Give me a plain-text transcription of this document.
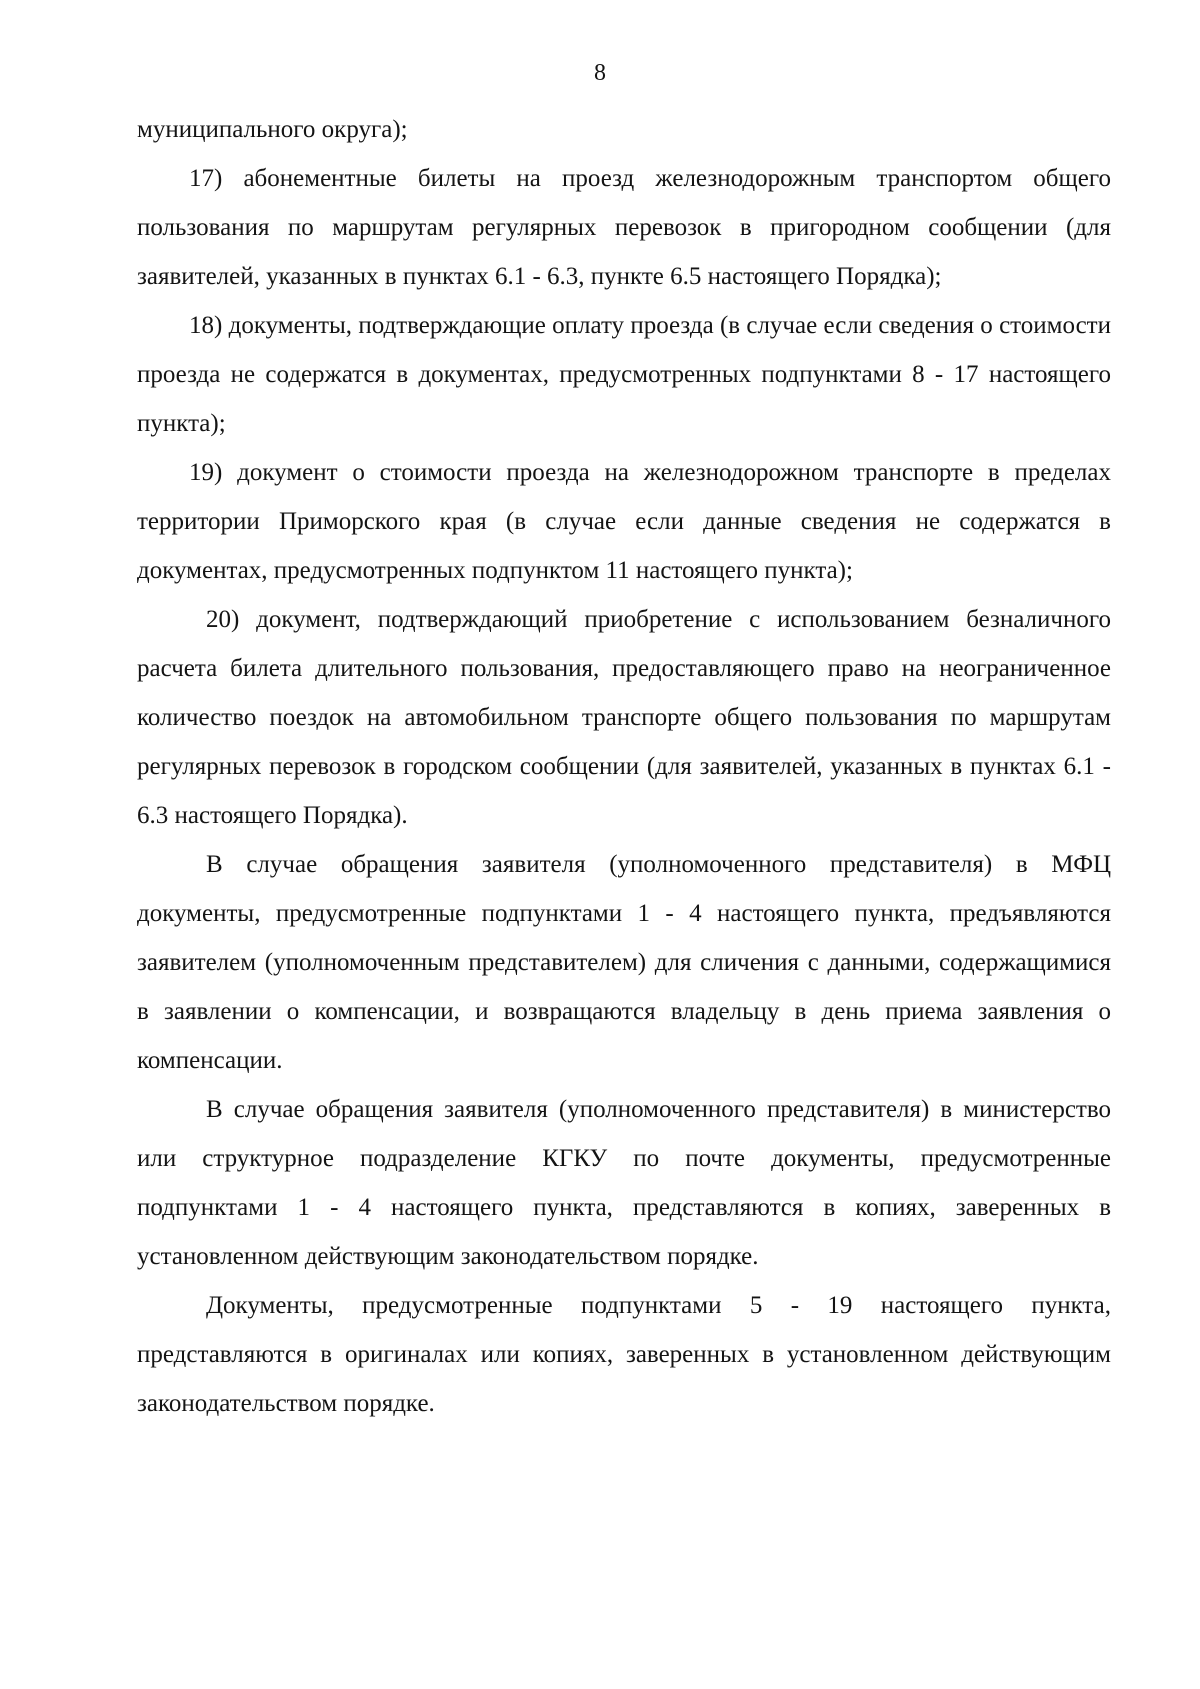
8

муниципального округа);

17) абонементные билеты на проезд железнодорожным транспортом общего пользования по маршрутам регулярных перевозок в пригородном сообщении (для заявителей, указанных в пунктах 6.1 - 6.3, пункте 6.5 настоящего Порядка);

18) документы, подтверждающие оплату проезда (в случае если сведения о стоимости проезда не содержатся в документах, предусмотренных подпунктами 8 - 17 настоящего пункта);

19) документ о стоимости проезда на железнодорожном транспорте в пределах территории Приморского края (в случае если данные сведения не содержатся в документах, предусмотренных подпунктом 11 настоящего пункта);

20) документ, подтверждающий приобретение с использованием безналичного расчета билета длительного пользования, предоставляющего право на неограниченное количество поездок на автомобильном транспорте общего пользования по маршрутам регулярных перевозок в городском сообщении (для заявителей, указанных в пунктах 6.1 - 6.3 настоящего Порядка).

В случае обращения заявителя (уполномоченного представителя) в МФЦ документы, предусмотренные подпунктами 1 - 4 настоящего пункта, предъявляются заявителем (уполномоченным представителем) для сличения с данными, содержащимися в заявлении о компенсации, и возвращаются владельцу в день приема заявления о компенсации.

В случае обращения заявителя (уполномоченного представителя) в министерство или структурное подразделение КГКУ по почте документы, предусмотренные подпунктами 1 - 4 настоящего пункта, представляются в копиях, заверенных в установленном действующим законодательством порядке.

Документы, предусмотренные подпунктами 5 - 19 настоящего пункта, представляются в оригиналах или копиях, заверенных в установленном действующим законодательством порядке.
